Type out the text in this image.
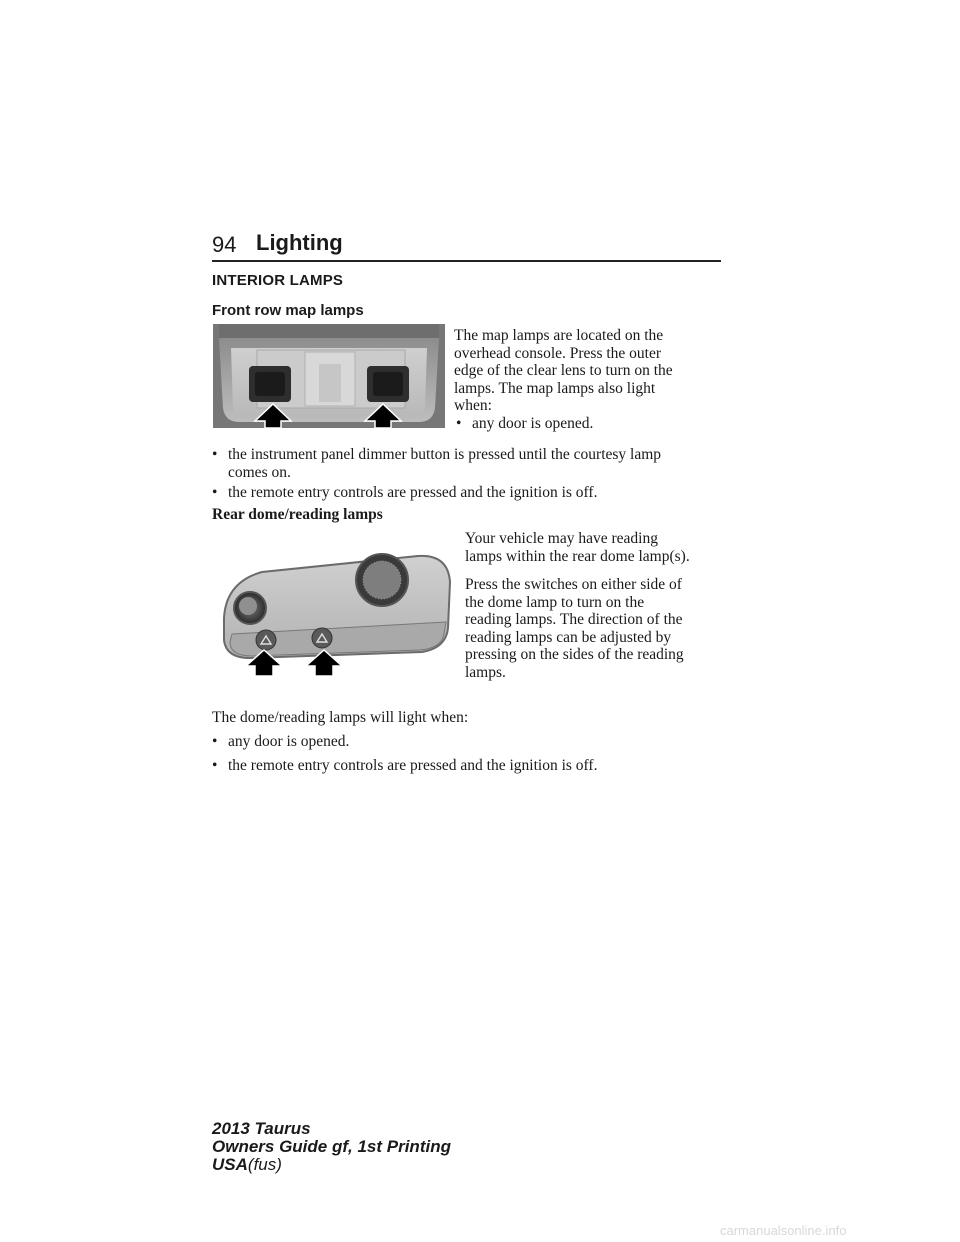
94 Lighting
INTERIOR LAMPS
Front row map lamps
The map lamps are located on the
overhead console. Press the outer
edge of the clear lens to turn on the
lamps. The map lamps also light
when:
• any door is opened.
• the instrument panel dimmer button is pressed until the courtesy lamp
comes on.
• the remote entry controls are pressed and the ignition is off.
Rear dome/reading lamps
Your vehicle may have reading
lamps within the rear dome lamp(s).
Press the switches on either side of
the dome lamp to turn on the
reading lamps. The direction of the
reading lamps can be adjusted by
pressing on the sides of the reading
lamps.
The dome/reading lamps will light when:
• any door is opened.
• the remote entry controls are pressed and the ignition is off.
2013 Taurus
Owners Guide gf, 1st Printing
USA(fus)
carmanualsonline.info
